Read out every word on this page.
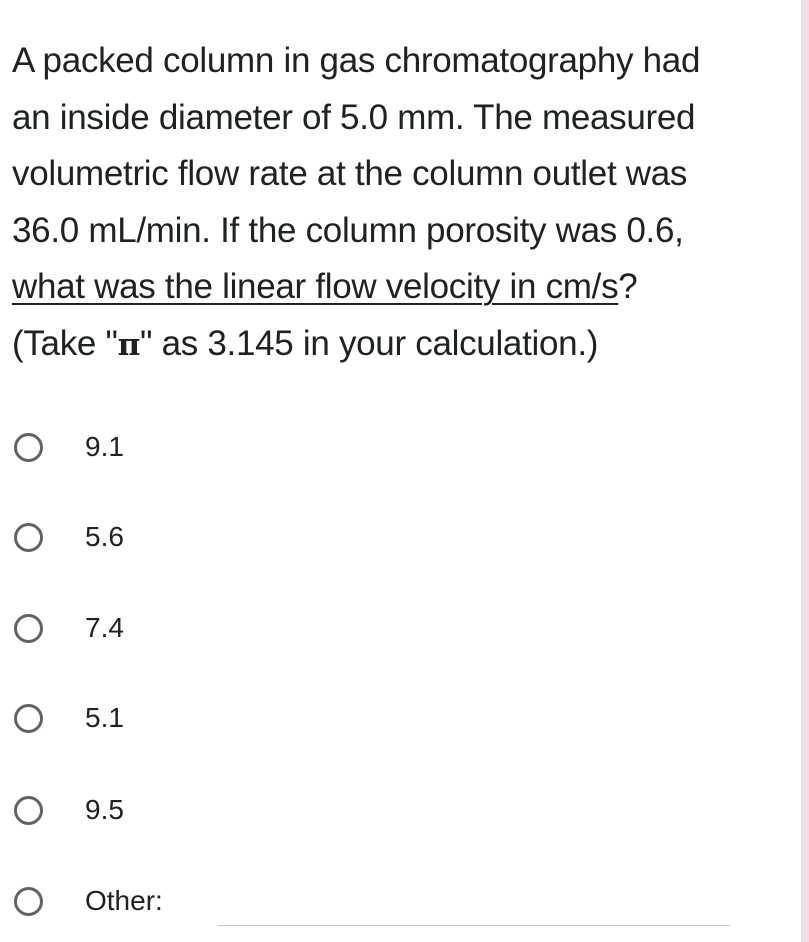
A packed column in gas chromatography had
an inside diameter of 5.0 mm. The measured
volumetric flow rate at the column outlet was
36.0 mL/min. If the column porosity was 0.6,
what was the linear flow velocity in cm/s?
(Take "π" as 3.145 in your calculation.)
9.1
5.6
7.4
5.1
9.5
Other:
